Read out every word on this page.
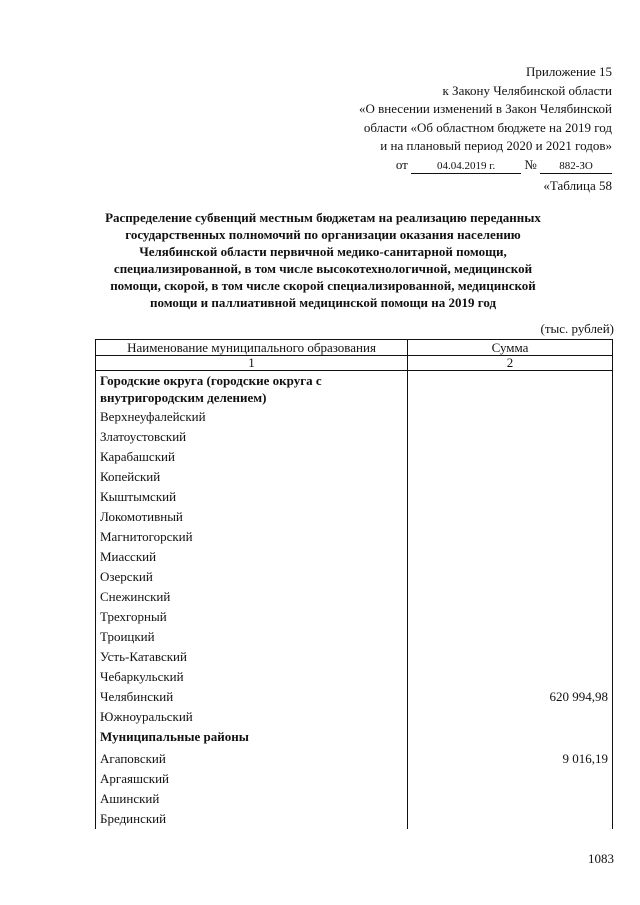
Приложение 15
к Закону Челябинской области
«О внесении изменений в Закон Челябинской
области «Об областном бюджете на 2019 год
и на плановый период 2020 и 2021 годов»
от	04.04.2019 г. № 882-ЗО
«Таблица 58
Распределение субвенций местным бюджетам на реализацию переданных государственных полномочий по организации оказания населению Челябинской области первичной медико-санитарной помощи, специализированной, в том числе высокотехнологичной, медицинской помощи, скорой, в том числе скорой специализированной, медицинской помощи и паллиативной медицинской помощи на 2019 год
(тыс. рублей)
Наименование муниципального образования	Сумма
1	2
Городские округа (городские округа с внутригородским делением)	
Верхнеуфалейский	
Златоустовский	
Карабашский	
Копейский	
Кыштымский	
Локомотивный	
Магнитогорский	
Миасский	
Озерский	
Снежинский	
Трехгорный	
Троицкий	
Усть-Катавский	
Чебаркульский	
Челябинский	620 994,98
Южноуральский	
Муниципальные районы	
Агаповский	9 016,19
Аргаяшский	
Ашинский	
Брединский	
1083
